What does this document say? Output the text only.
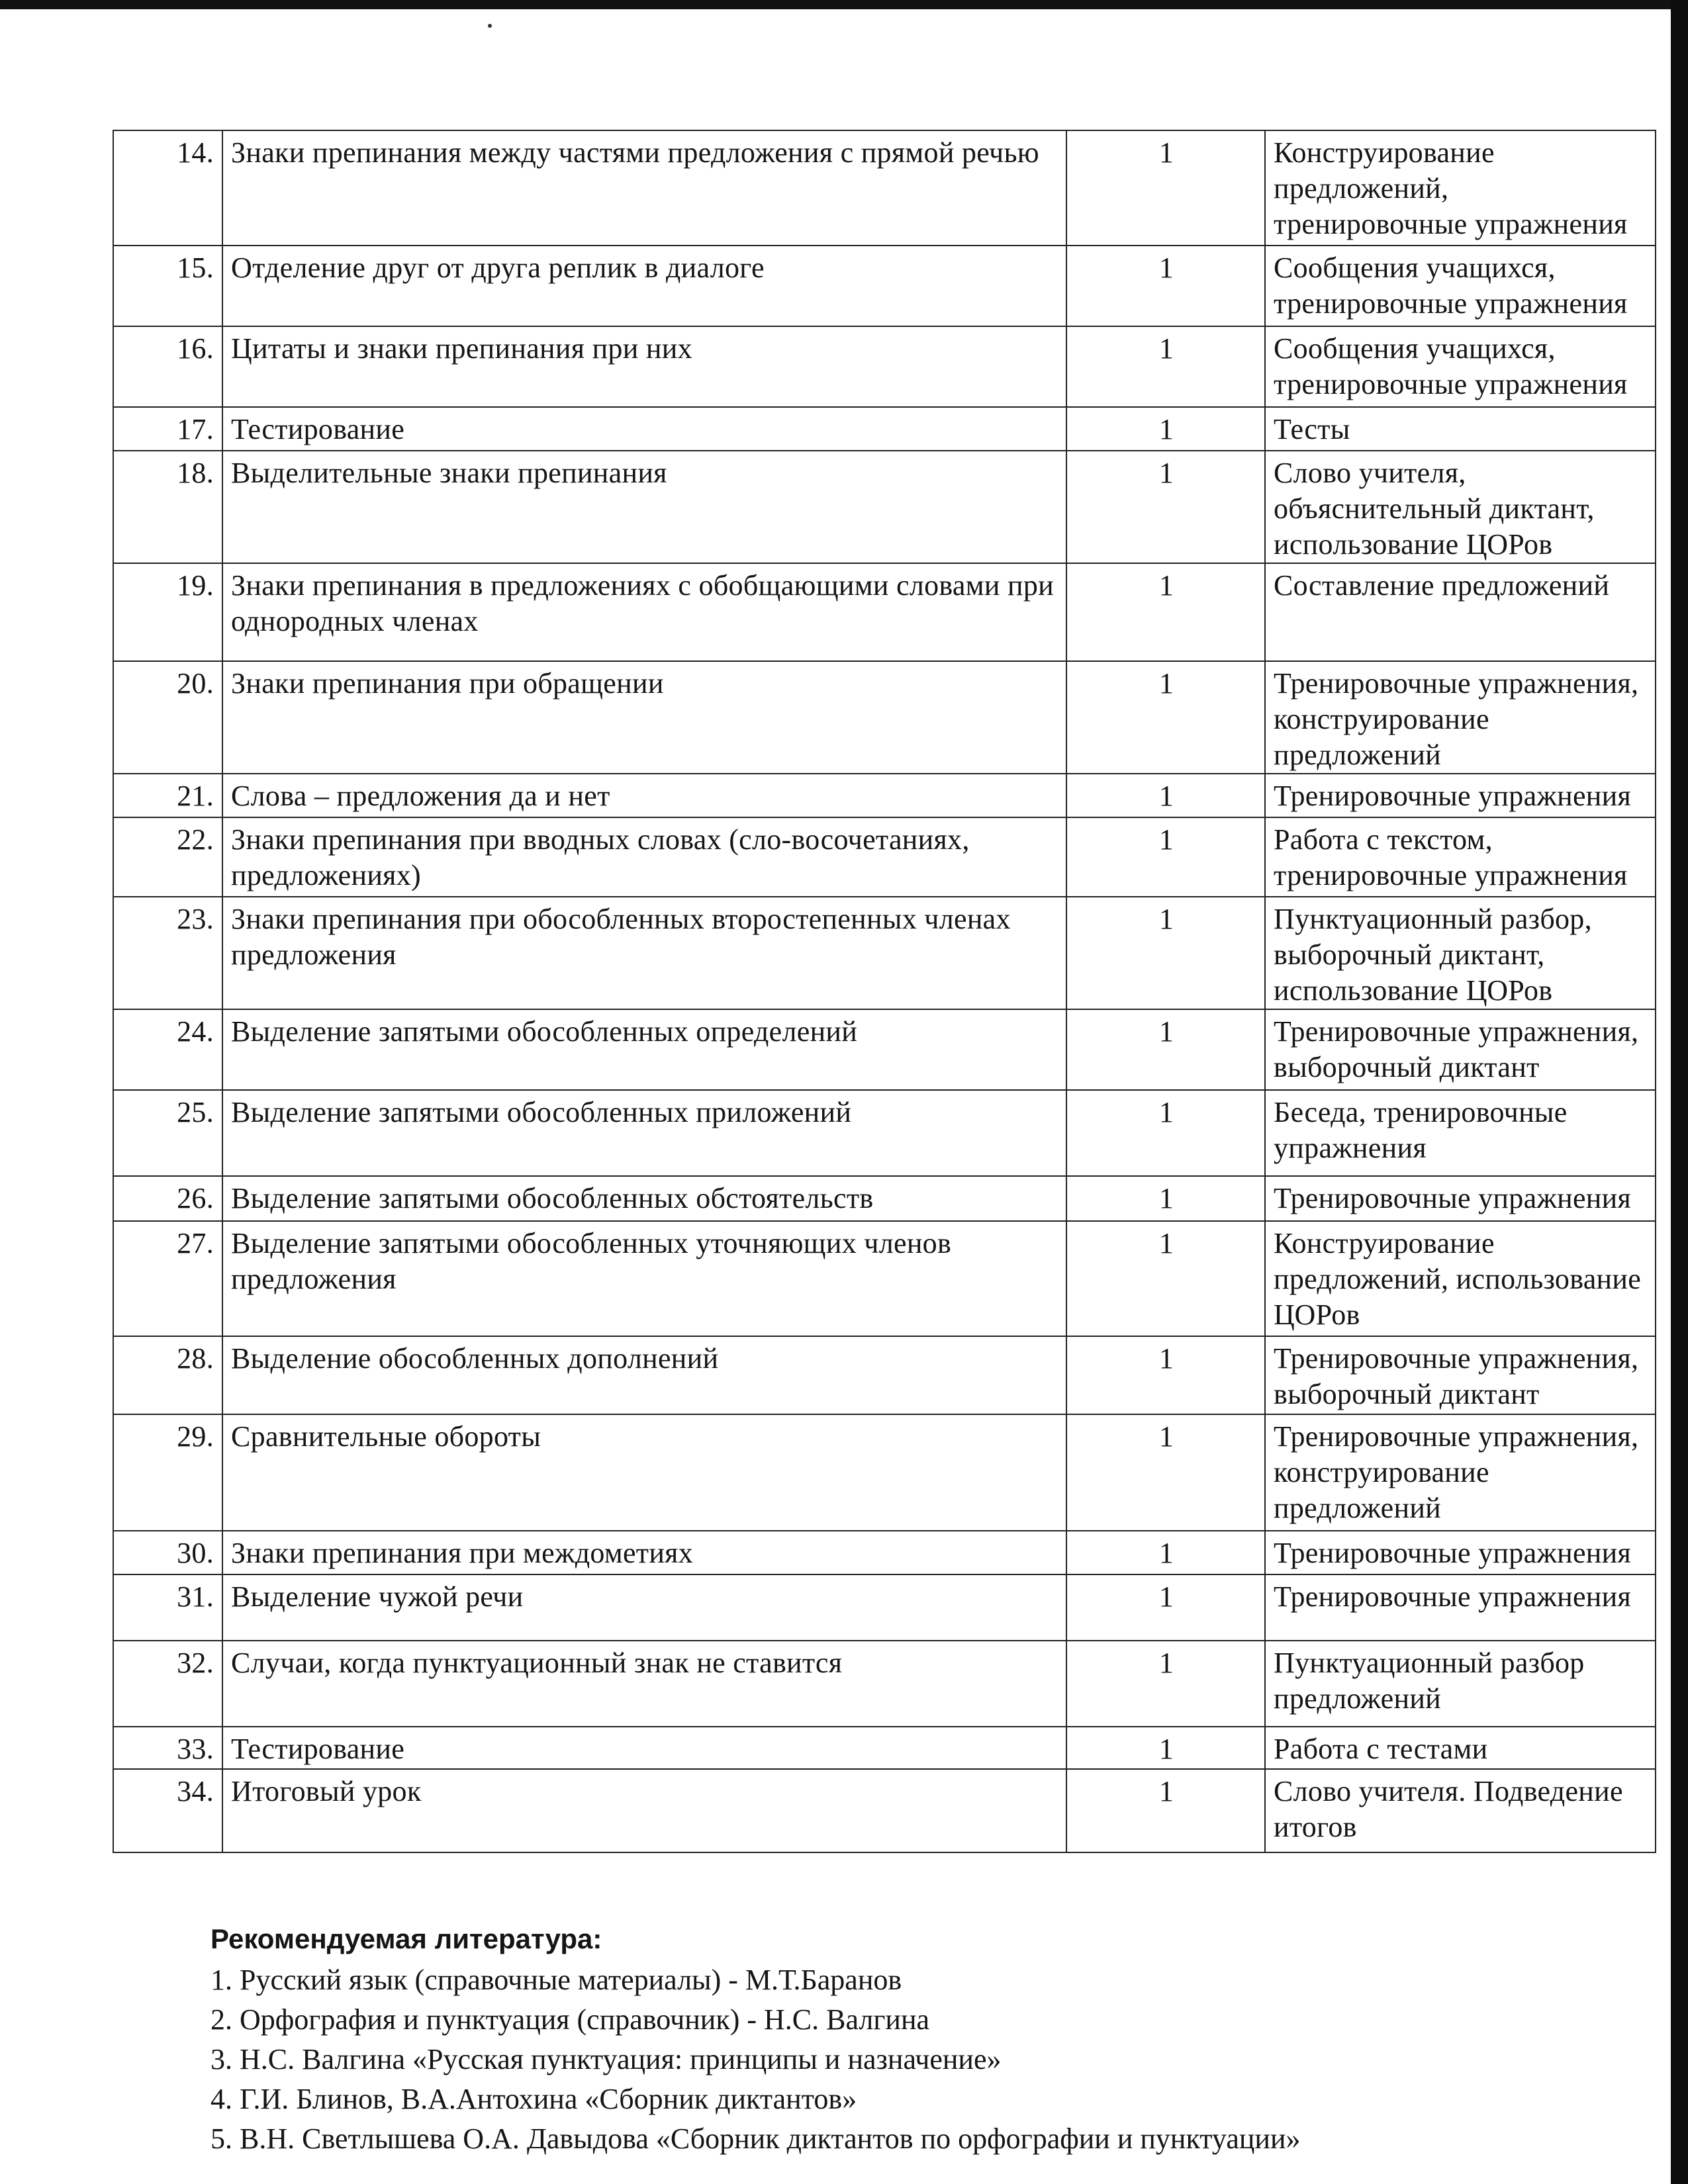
14.	Знаки препинания между частями предложения с прямой речью	1	Конструирование предложений, тренировочные упражнения
15.	Отделение друг от друга реплик в диалоге	1	Сообщения учащихся, тренировочные упражнения
16.	Цитаты и знаки препинания при них	1	Сообщения учащихся, тренировочные упражнения
17.	Тестирование	1	Тесты
18.	Выделительные знаки препинания	1	Слово учителя, объяснительный диктант, использование ЦОРов
19.	Знаки препинания в предложениях с обобщающими словами при однородных членах	1	Составление предложений
20.	Знаки препинания при обращении	1	Тренировочные упражнения, конструирование предложений
21.	Слова – предложения да и нет	1	Тренировочные упражнения
22.	Знаки препинания при вводных словах (сло-восочетаниях, предложениях)	1	Работа с текстом, тренировочные упражнения
23.	Знаки препинания при обособленных второстепенных членах предложения	1	Пунктуационный разбор, выборочный диктант, использование ЦОРов
24.	Выделение запятыми обособленных определений	1	Тренировочные упражнения, выборочный диктант
25.	Выделение запятыми обособленных приложений	1	Беседа, тренировочные упражнения
26.	Выделение запятыми обособленных обстоятельств	1	Тренировочные упражнения
27.	Выделение запятыми обособленных уточняющих членов предложения	1	Конструирование предложений, использование ЦОРов
28.	Выделение обособленных дополнений	1	Тренировочные упражнения, выборочный диктант
29.	Сравнительные обороты	1	Тренировочные упражнения, конструирование предложений
30.	Знаки препинания при междометиях	1	Тренировочные упражнения
31.	Выделение чужой речи	1	Тренировочные упражнения
32.	Случаи, когда пунктуационный знак не ставится	1	Пунктуационный разбор предложений
33.	Тестирование	1	Работа с тестами
34.	Итоговый урок	1	Слово учителя. Подведение итогов
Рекомендуемая литература:
1. Русский язык (справочные материалы) - М.Т.Баранов
2. Орфография и пунктуация (справочник) - Н.С. Валгина
3. Н.С. Валгина «Русская пунктуация: принципы и назначение»
4. Г.И. Блинов, В.А.Антохина «Сборник диктантов»
5. В.Н. Светлышева О.А. Давыдова «Сборник диктантов по орфографии и пунктуации»
